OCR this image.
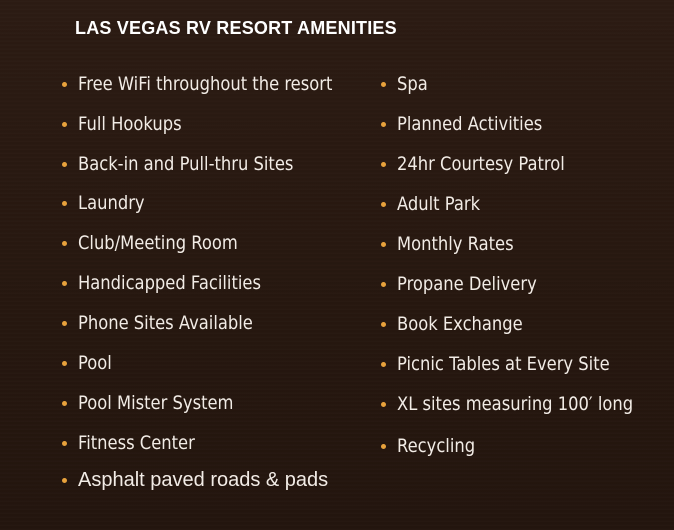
LAS VEGAS RV RESORT AMENITIES
Free WiFi throughout the resort
Full Hookups
Back-in and Pull-thru Sites
Laundry
Club/Meeting Room
Handicapped Facilities
Phone Sites Available
Pool
Pool Mister System
Fitness Center
Asphalt paved roads & pads
Spa
Planned Activities
24hr Courtesy Patrol
Adult Park
Monthly Rates
Propane Delivery
Book Exchange
Picnic Tables at Every Site
XL sites measuring 100′ long
Recycling
